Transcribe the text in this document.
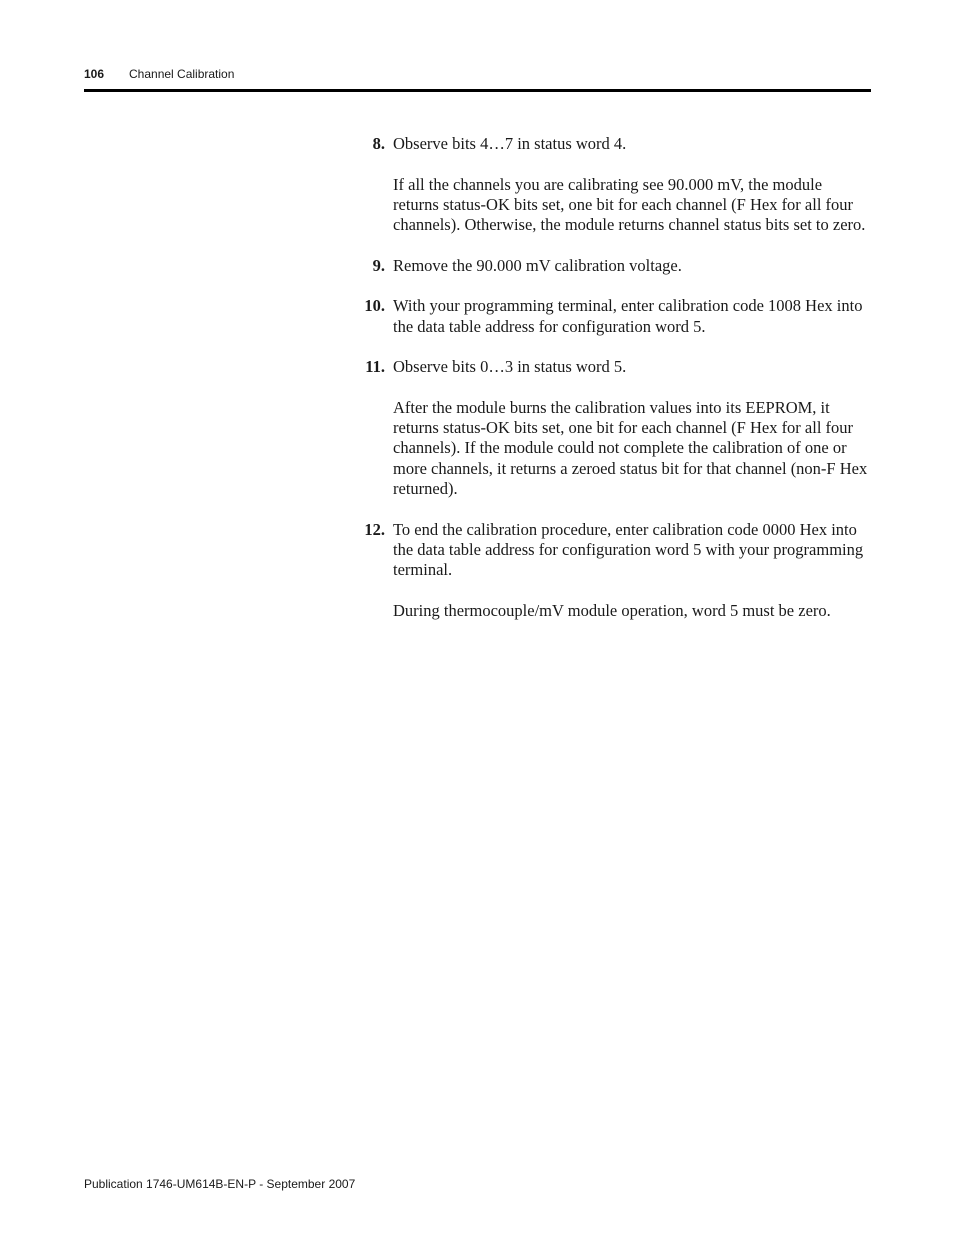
106 Channel Calibration
8. Observe bits 4…7 in status word 4.

If all the channels you are calibrating see 90.000 mV, the module returns status-OK bits set, one bit for each channel (F Hex for all four channels). Otherwise, the module returns channel status bits set to zero.

9. Remove the 90.000 mV calibration voltage.

10. With your programming terminal, enter calibration code 1008 Hex into the data table address for configuration word 5.

11. Observe bits 0…3 in status word 5.

After the module burns the calibration values into its EEPROM, it returns status-OK bits set, one bit for each channel (F Hex for all four channels). If the module could not complete the calibration of one or more channels, it returns a zeroed status bit for that channel (non-F Hex returned).

12. To end the calibration procedure, enter calibration code 0000 Hex into the data table address for configuration word 5 with your programming terminal.

During thermocouple/mV module operation, word 5 must be zero.

Publication 1746-UM614B-EN-P - September 2007
